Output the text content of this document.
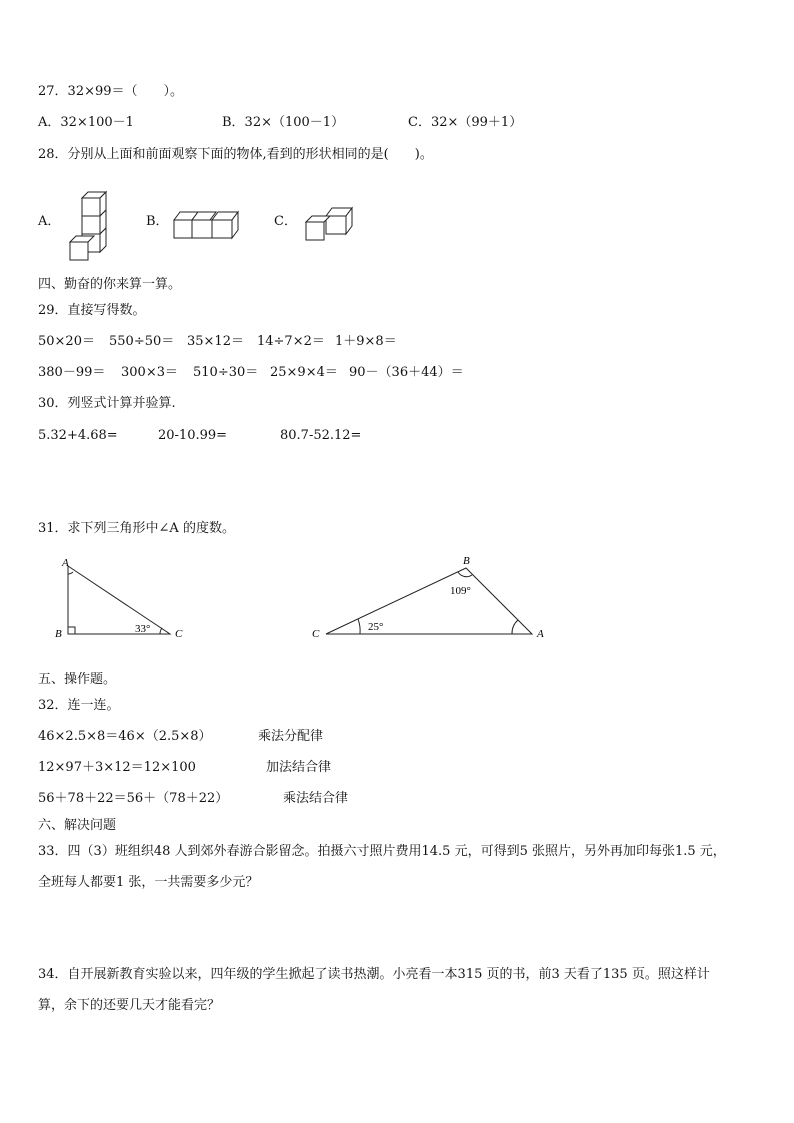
27．32×99＝（　　）。
A．32×100－1	B．32×（100－1）	C．32×（99＋1）
28．分别从上面和前面观察下面的物体,看到的形状相同的是(　　)。
A．	B．	C．
四、勤奋的你来算一算。
29．直接写得数。
50×20＝ 550÷50＝ 35×12＝ 14÷7×2＝ 1＋9×8＝
380－99＝ 300×3＝ 510÷30＝ 25×9×4＝ 90－（36＋44）＝
30．列竖式计算并验算.
5.32+4.68=	20-10.99=	80.7-52.12=
31．求下列三角形中∠A 的度数。
A
B	C
33°
B
C	A
109°
25°
五、操作题。
32．连一连。
46×2.5×8＝46×（2.5×8）
12×97＋3×12＝12×100
56＋78＋22＝56＋（78＋22）
乘法分配律
加法结合律
乘法结合律
六、解决问题
33．四（3）班组织48 人到郊外春游合影留念。拍摄六寸照片费用14.5 元，可得到5 张照片，另外再加印每张1.5 元，
全班每人都要1 张，一共需要多少元？
34．自开展新教育实验以来，四年级的学生掀起了读书热潮。小亮看一本315 页的书，前3 天看了135 页。照这样计
算，余下的还要几天才能看完？
